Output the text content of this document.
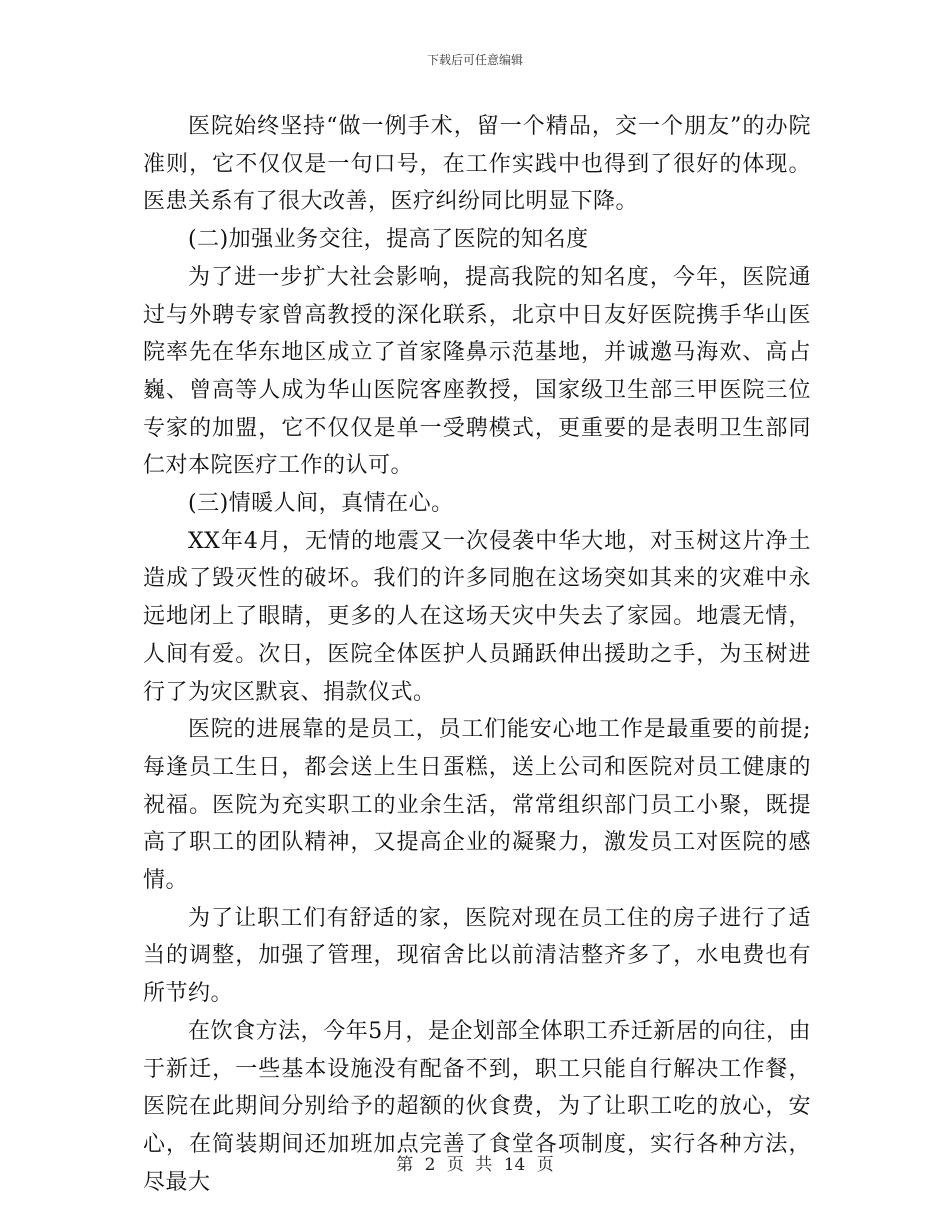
下载后可任意编辑

医院始终坚持“做一例手术，留一个精品，交一个朋友”的办院准则，它不仅仅是一句口号，在工作实践中也得到了很好的体现。医患关系有了很大改善，医疗纠纷同比明显下降。

(二)加强业务交往，提高了医院的知名度

为了进一步扩大社会影响，提高我院的知名度，今年，医院通过与外聘专家曾高教授的深化联系，北京中日友好医院携手华山医院率先在华东地区成立了首家隆鼻示范基地，并诚邀马海欢、高占巍、曾高等人成为华山医院客座教授，国家级卫生部三甲医院三位专家的加盟，它不仅仅是单一受聘模式，更重要的是表明卫生部同仁对本院医疗工作的认可。

(三)情暖人间，真情在心。

XX年4月，无情的地震又一次侵袭中华大地，对玉树这片净土造成了毁灭性的破坏。我们的许多同胞在这场突如其来的灾难中永远地闭上了眼睛，更多的人在这场天灾中失去了家园。地震无情，人间有爱。次日，医院全体医护人员踊跃伸出援助之手，为玉树进行了为灾区默哀、捐款仪式。

医院的进展靠的是员工，员工们能安心地工作是最重要的前提;每逢员工生日，都会送上生日蛋糕，送上公司和医院对员工健康的祝福。医院为充实职工的业余生活，常常组织部门员工小聚，既提高了职工的团队精神，又提高企业的凝聚力，激发员工对医院的感情。

为了让职工们有舒适的家，医院对现在员工住的房子进行了适当的调整，加强了管理，现宿舍比以前清洁整齐多了，水电费也有所节约。

在饮食方法，今年5月，是企划部全体职工乔迁新居的向往，由于新迁，一些基本设施没有配备不到，职工只能自行解决工作餐，医院在此期间分别给予的超额的伙食费，为了让职工吃的放心，安心，在简装期间还加班加点完善了食堂各项制度，实行各种方法，尽最大

第 2 页 共 14 页
